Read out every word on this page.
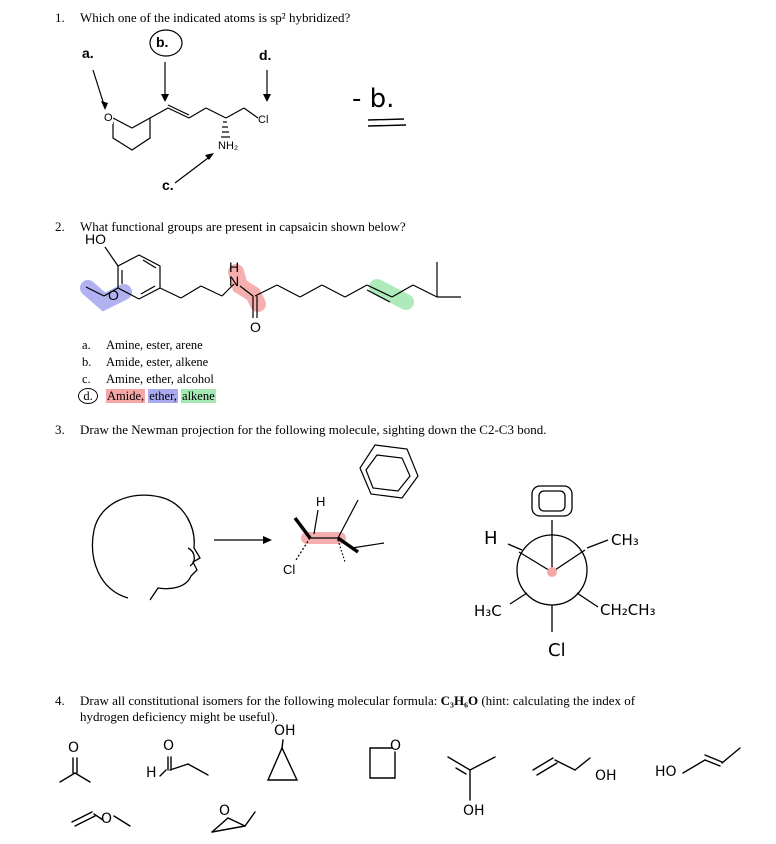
1. Which one of the indicated atoms is sp² hybridized?
a.
b.
c.
d.
O	Cl
NH₂
- b.
2. What functional groups are present in capsaicin shown below?
HO
O
H
N
O
a. Amine, ester, arene
b. Amide, ester, alkene
c. Amine, ether, alcohol
d.	Amide, ether, alkene
3. Draw the Newman projection for the following molecule, sighting down the C2-C3 bond.
H
Cl
H	CH₃
CH₂CH₃
H₃C
Cl
4. Draw all constitutional isomers for the following molecular formula: C₃H₆O (hint: calculating the index of
hydrogen deficiency might be useful).
OH
H
O	O	O
O	O	OH
OH	HO
